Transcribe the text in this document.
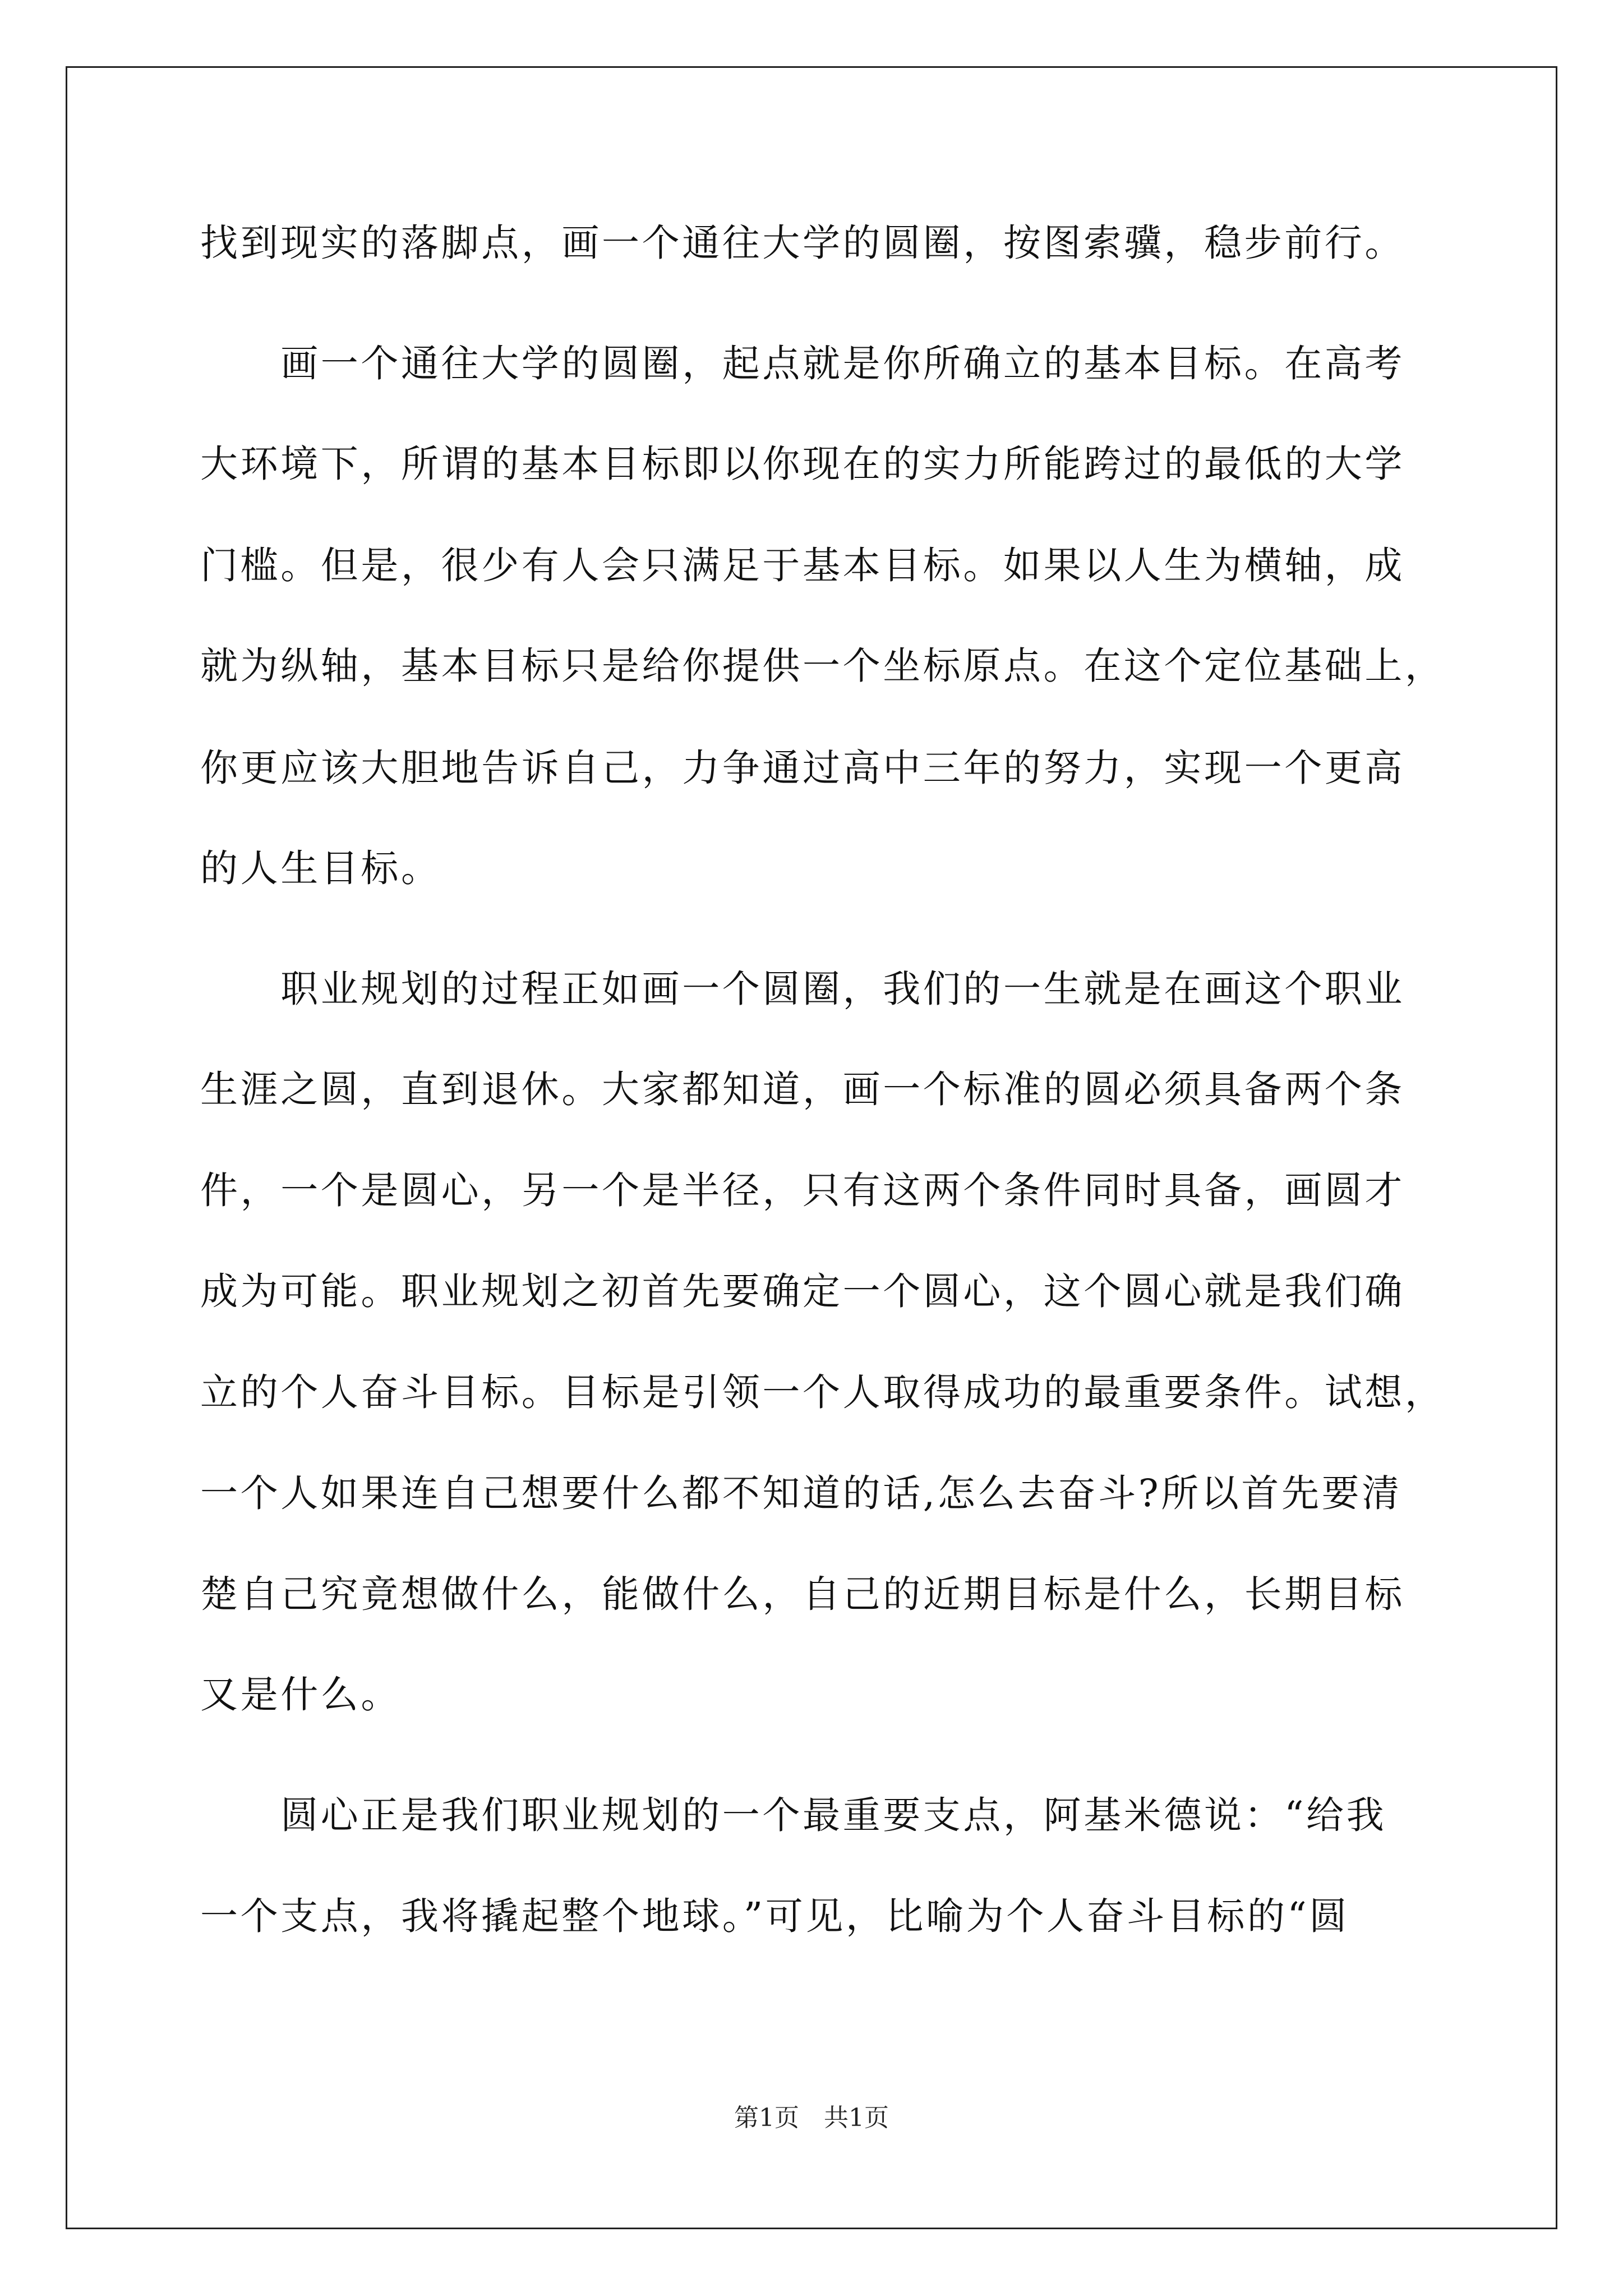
找到现实的落脚点，画一个通往大学的圆圈，按图索骥，稳步前行。
　　画一个通往大学的圆圈，起点就是你所确立的基本目标。在高考
大环境下，所谓的基本目标即以你现在的实力所能跨过的最低的大学
门槛。但是，很少有人会只满足于基本目标。如果以人生为横轴，成
就为纵轴，基本目标只是给你提供一个坐标原点。在这个定位基础上，
你更应该大胆地告诉自己，力争通过高中三年的努力，实现一个更高
的人生目标。
　　职业规划的过程正如画一个圆圈，我们的一生就是在画这个职业
生涯之圆，直到退休。大家都知道，画一个标准的圆必须具备两个条
件，一个是圆心，另一个是半径，只有这两个条件同时具备，画圆才
成为可能。职业规划之初首先要确定一个圆心，这个圆心就是我们确
立的个人奋斗目标。目标是引领一个人取得成功的最重要条件。试想，
一个人如果连自己想要什么都不知道的话,怎么去奋斗?所以首先要清
楚自己究竟想做什么，能做什么，自己的近期目标是什么，长期目标
又是什么。
　　圆心正是我们职业规划的一个最重要支点，阿基米德说：“给我
一个支点，我将撬起整个地球。”可见，比喻为个人奋斗目标的“圆
第1页　共1页
